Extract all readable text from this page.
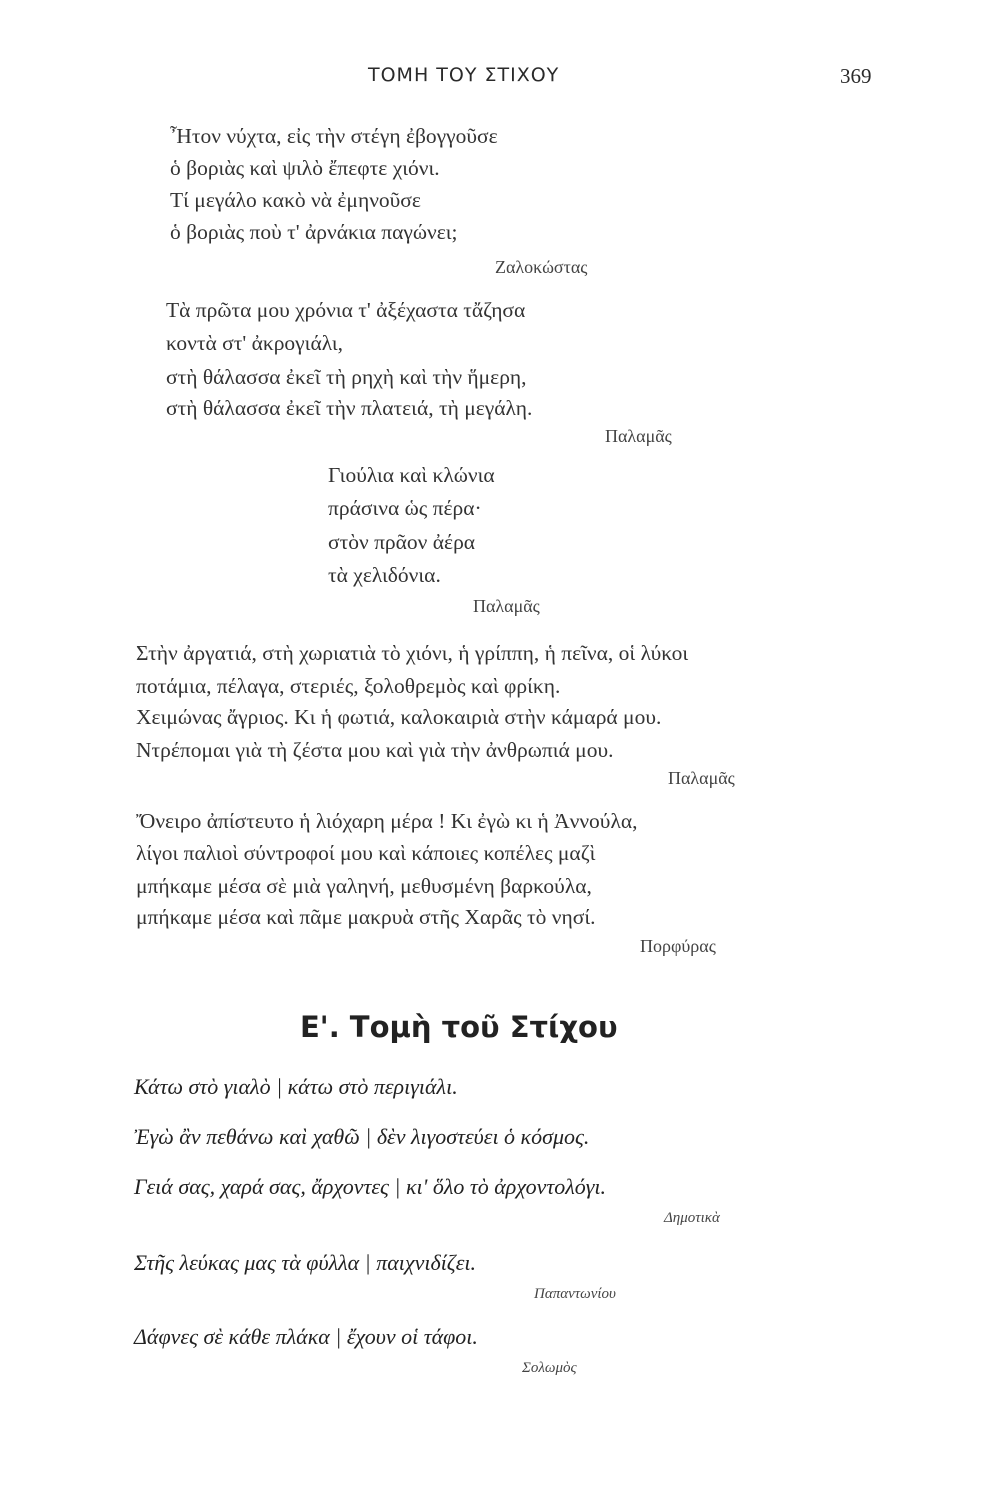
ΤΟΜΗ ΤΟΥ ΣΤΙΧΟΥ	369
Ἦτον νύχτα, εἰς τὴν στέγη ἐβογγοῦσε
ὁ βοριὰς καὶ ψιλὸ ἔπεφτε χιόνι.
Τί μεγάλο κακὸ νὰ ἐμηνοῦσε
ὁ βοριὰς ποὺ τ' ἀρνάκια παγώνει;
Ζαλοκώστας
Τὰ πρῶτα μου χρόνια τ' ἀξέχαστα τἄζησα
κοντὰ στ' ἀκρογιάλι,
στὴ θάλασσα ἐκεῖ τὴ ρηχὴ καὶ τὴν ἥμερη,
στὴ θάλασσα ἐκεῖ τὴν πλατειά, τὴ μεγάλη.
Παλαμᾶς
Γιούλια καὶ κλώνια
πράσινα ὡς πέρα·
στὸν πρᾶον ἀέρα
τὰ χελιδόνια.
Παλαμᾶς
Στὴν ἀργατιά, στὴ χωριατιὰ τὸ χιόνι, ἡ γρίππη, ἡ πεῖνα, οἱ λύκοι
ποτάμια, πέλαγα, στεριές, ξολοθρεμὸς καὶ φρίκη.
Χειμώνας ἄγριος. Κι ἡ φωτιά, καλοκαιριὰ στὴν κάμαρά μου.
Ντρέπομαι γιὰ τὴ ζέστα μου καὶ γιὰ τὴν ἀνθρωπιά μου.
Παλαμᾶς
Ὄνειρο ἀπίστευτο ἡ λιόχαρη μέρα ! Κι ἐγὼ κι ἡ Ἀννούλα,
λίγοι παλιοὶ σύντροφοί μου καὶ κάποιες κοπέλες μαζὶ
μπήκαμε μέσα σὲ μιὰ γαληνή, μεθυσμένη βαρκούλα,
μπήκαμε μέσα καὶ πᾶμε μακρυὰ στῆς Χαρᾶς τὸ νησί.
Πορφύρας
Ε'. Τομὴ τοῦ Στίχου
Κάτω στὸ γιαλὸ | κάτω στὸ περιγιάλι.
Ἐγὼ ἂν πεθάνω καὶ χαθῶ | δὲν λιγοστεύει ὁ κόσμος.
Γειά σας, χαρά σας, ἄρχοντες | κι' ὅλο τὸ ἀρχοντολόγι.
Δημοτικὰ
Στῆς λεύκας μας τὰ φύλλα | παιχνιδίζει.
Παπαντωνίου
Δάφνες σὲ κάθε πλάκα | ἔχουν οἱ τάφοι.
Σολωμὸς
